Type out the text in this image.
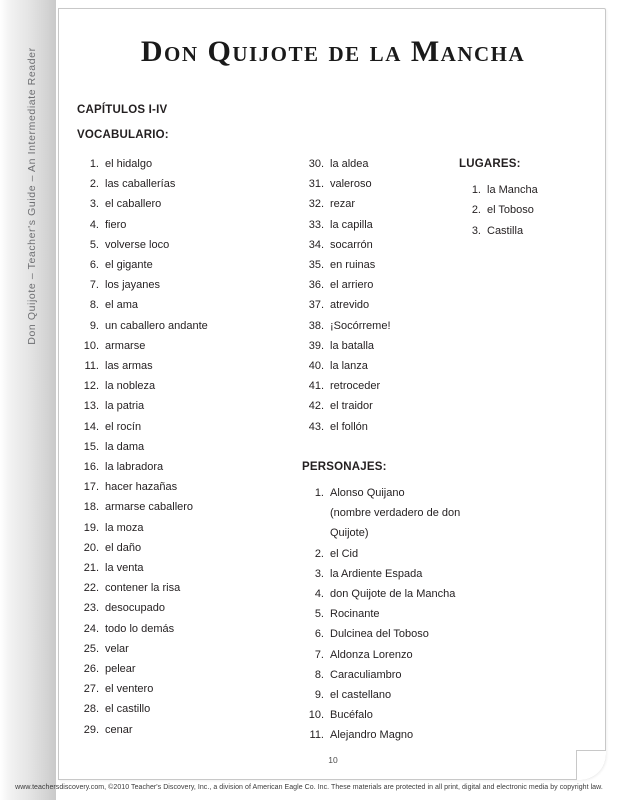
Don Quijote – Teacher's Guide – An Intermediate Reader	Don Quijote de la Mancha
CAPÍTULOS I-IV
VOCABULARIO:
1. el hidalgo
2. las caballerías
3. el caballero
4. fiero
5. volverse loco
6. el gigante
7. los jayanes
8. el ama
9. un caballero andante
10. armarse
11. las armas
12. la nobleza
13. la patria
14. el rocín
15. la dama
16. la labradora
17. hacer hazañas
18. armarse caballero
19. la moza
20. el daño
21. la venta
22. contener la risa
23. desocupado
24. todo lo demás
25. velar
26. pelear
27. el ventero
28. el castillo
29. cenar
30. la aldea
31. valeroso
32. rezar
33. la capilla
34. socarrón
35. en ruinas
36. el arriero
37. atrevido
38. ¡Socórreme!
39. la batalla
40. la lanza
41. retroceder
42. el traidor
43. el follón
PERSONAJES:
1. Alonso Quijano
(nombre verdadero de don Quijote)
2. el Cid
3. la Ardiente Espada
4. don Quijote de la Mancha
5. Rocinante
6. Dulcinea del Toboso
7. Aldonza Lorenzo
8. Caraculiambro
9. el castellano
10. Bucéfalo
11. Alejandro Magno
LUGARES:
1. la Mancha
2. el Toboso
3. Castilla
10
www.teachersdiscovery.com, ©2010 Teacher's Discovery, Inc., a division of American Eagle Co. Inc. These materials are protected in all print, digital and electronic media by copyright law.
